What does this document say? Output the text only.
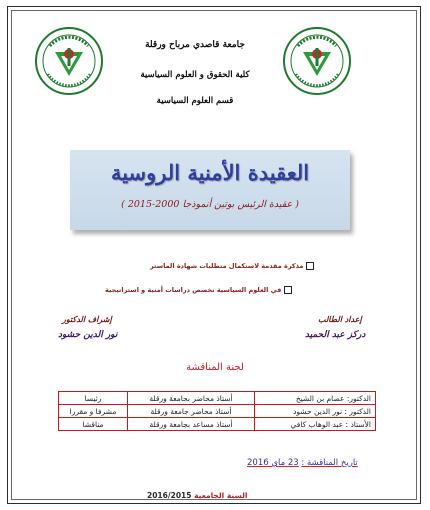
جامعة قاصدي مرباح ورقلة
كلية الحقوق و العلوم السياسية
قسم العلوم السياسية
العقيدة الأمنية الروسية
( عقيدة الرئيس بوتين أنموذجا 2000-2015 )
مذكرة مقدمة لاستكمال متطلبات شهادة الماستر
في العلوم السياسية تخصص دراسات أمنية و استراتيجية
إعداد الطالب
إشراف الدكتور
دركز عبد الحميد
نور الدين حشود
لجنة المناقشة
الدكتور: عصام بن الشيخ	أستاذ محاضر بجامعة ورقلة	رئيسا
الدكتور : نور الدين حشود	أستاذ محاضر جامعة ورقلة	مشرفا و مقررا
الأستاذ : عبد الوهاب كافي	أستاذ مساعد بجامعة ورقلة	مناقشا
تاريخ المناقشة : 23 ماي 2016
السنة الجامعية 2016/2015
